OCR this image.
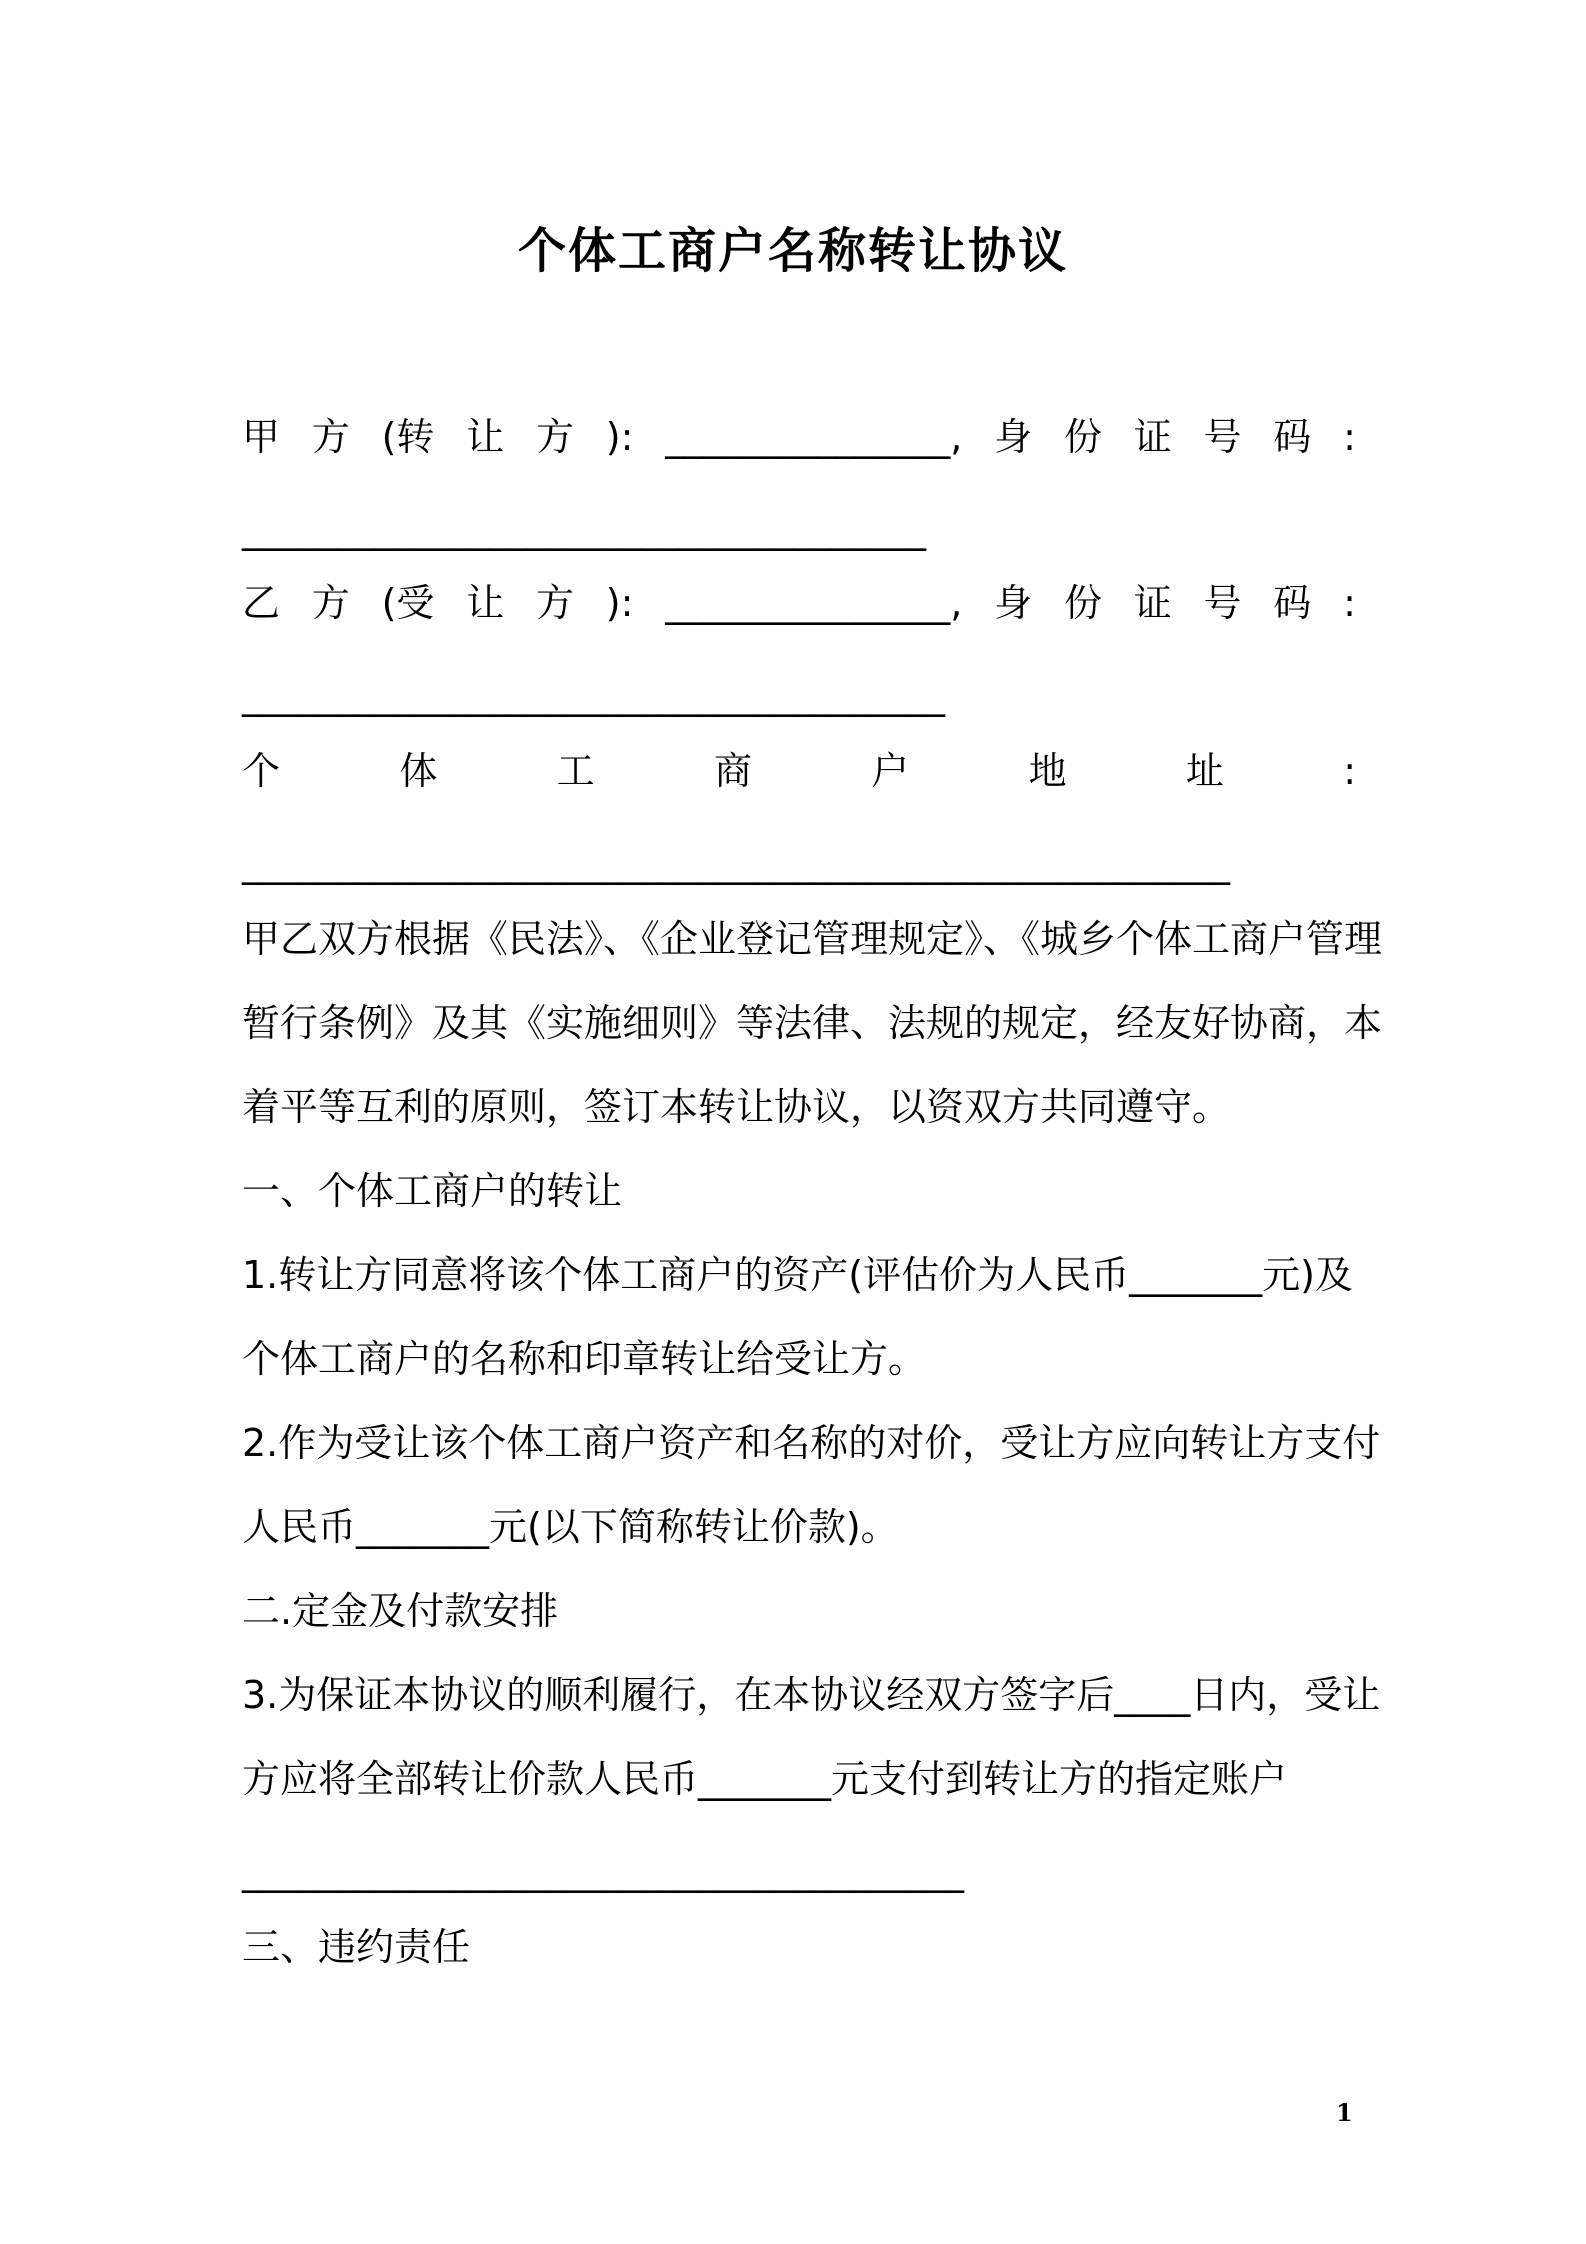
个体工商户名称转让协议
甲 方 (转 让 方 ): _______________, 身 份 证 号 码 :
____________________________________
乙 方 (受 让 方 ): _______________, 身 份 证 号 码 :
_____________________________________
个	体	工	商	户	地	址	:
____________________________________________________
甲乙双方根据《民法》、《企业登记管理规定》、《城乡个体工商户管理
暂行条例》及其《实施细则》等法律、法规的规定，经友好协商，本
着平等互利的原则，签订本转让协议，以资双方共同遵守。
一、个体工商户的转让
1.转让方同意将该个体工商户的资产(评估价为人民币_______元)及
个体工商户的名称和印章转让给受让方。
2.作为受让该个体工商户资产和名称的对价，受让方应向转让方支付
人民币_______元(以下简称转让价款)。
二.定金及付款安排
3.为保证本协议的顺利履行，在本协议经双方签字后____日内，受让
方应将全部转让价款人民币_______元支付到转让方的指定账户
______________________________________
三、违约责任
1
